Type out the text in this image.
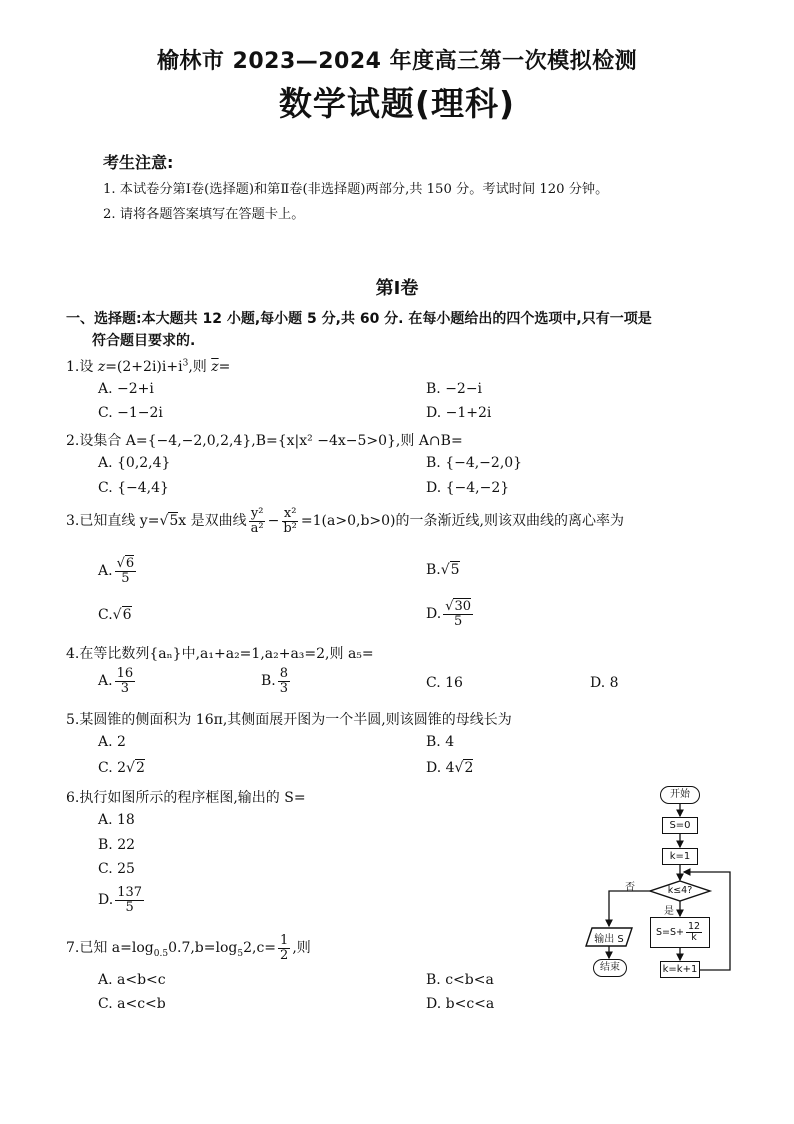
榆林市 2023—2024 年度高三第一次模拟检测
数学试题(理科)
考生注意:
1. 本试卷分第Ⅰ卷(选择题)和第Ⅱ卷(非选择题)两部分,共 150 分。考试时间 120 分钟。
2. 请将各题答案填写在答题卡上。
第Ⅰ卷
一、选择题:本大题共 12 小题,每小题 5 分,共 60 分. 在每小题给出的四个选项中,只有一项是
符合题目要求的.
1.设 $z=(2+2i)i+i^3$,则 $\overline{z}=$
A. −2+i	B. −2−i
C. −1−2i	D. −1+2i
2.设集合 A={−4,−2,0,2,4},B={x|x² −4x−5>0},则 A∩B=
A. {0,2,4}	B. {−4,−2,0}
C. {−4,4}	D. {−4,−2}
3.已知直线 y=√5x 是双曲线 $\frac{\text{y²}}{\text{a²}} - \frac{\text{x²}}{\text{b²}} =1(a>0,b>0)$的一条渐近线,则该双曲线的离心率为
A. $\frac{√6}{5}$	B.√5
C.√6	D. $\frac{√30}{5}$
4.在等比数列{aₙ}中,a₁+a₂=1,a₂+a₃=2,则 a₅=
A. $\frac{16}{3}$	B. $\frac{8}{3}$	C. 16	D. 8
5.某圆锥的侧面积为 16π,其侧面展开图为一个半圆,则该圆锥的母线长为
A. 2	B. 4
C. 2√2	D. 4√2
6.执行如图所示的程序框图,输出的 S=
A. 18
B. 22
C. 25
D. $\frac{137}{5}$
7.已知 $a=\log_{0.5}0.7,b=\log_52,c= \frac{1}{2}$ ,则
A. a<b<c	B. c<b<a
C. a<c<b	D. b<c<a
开始
S=0
k=1
k≤4?
否
是
$S=S+ \frac{12}{k}$
输出 S
结束	k=k+1
